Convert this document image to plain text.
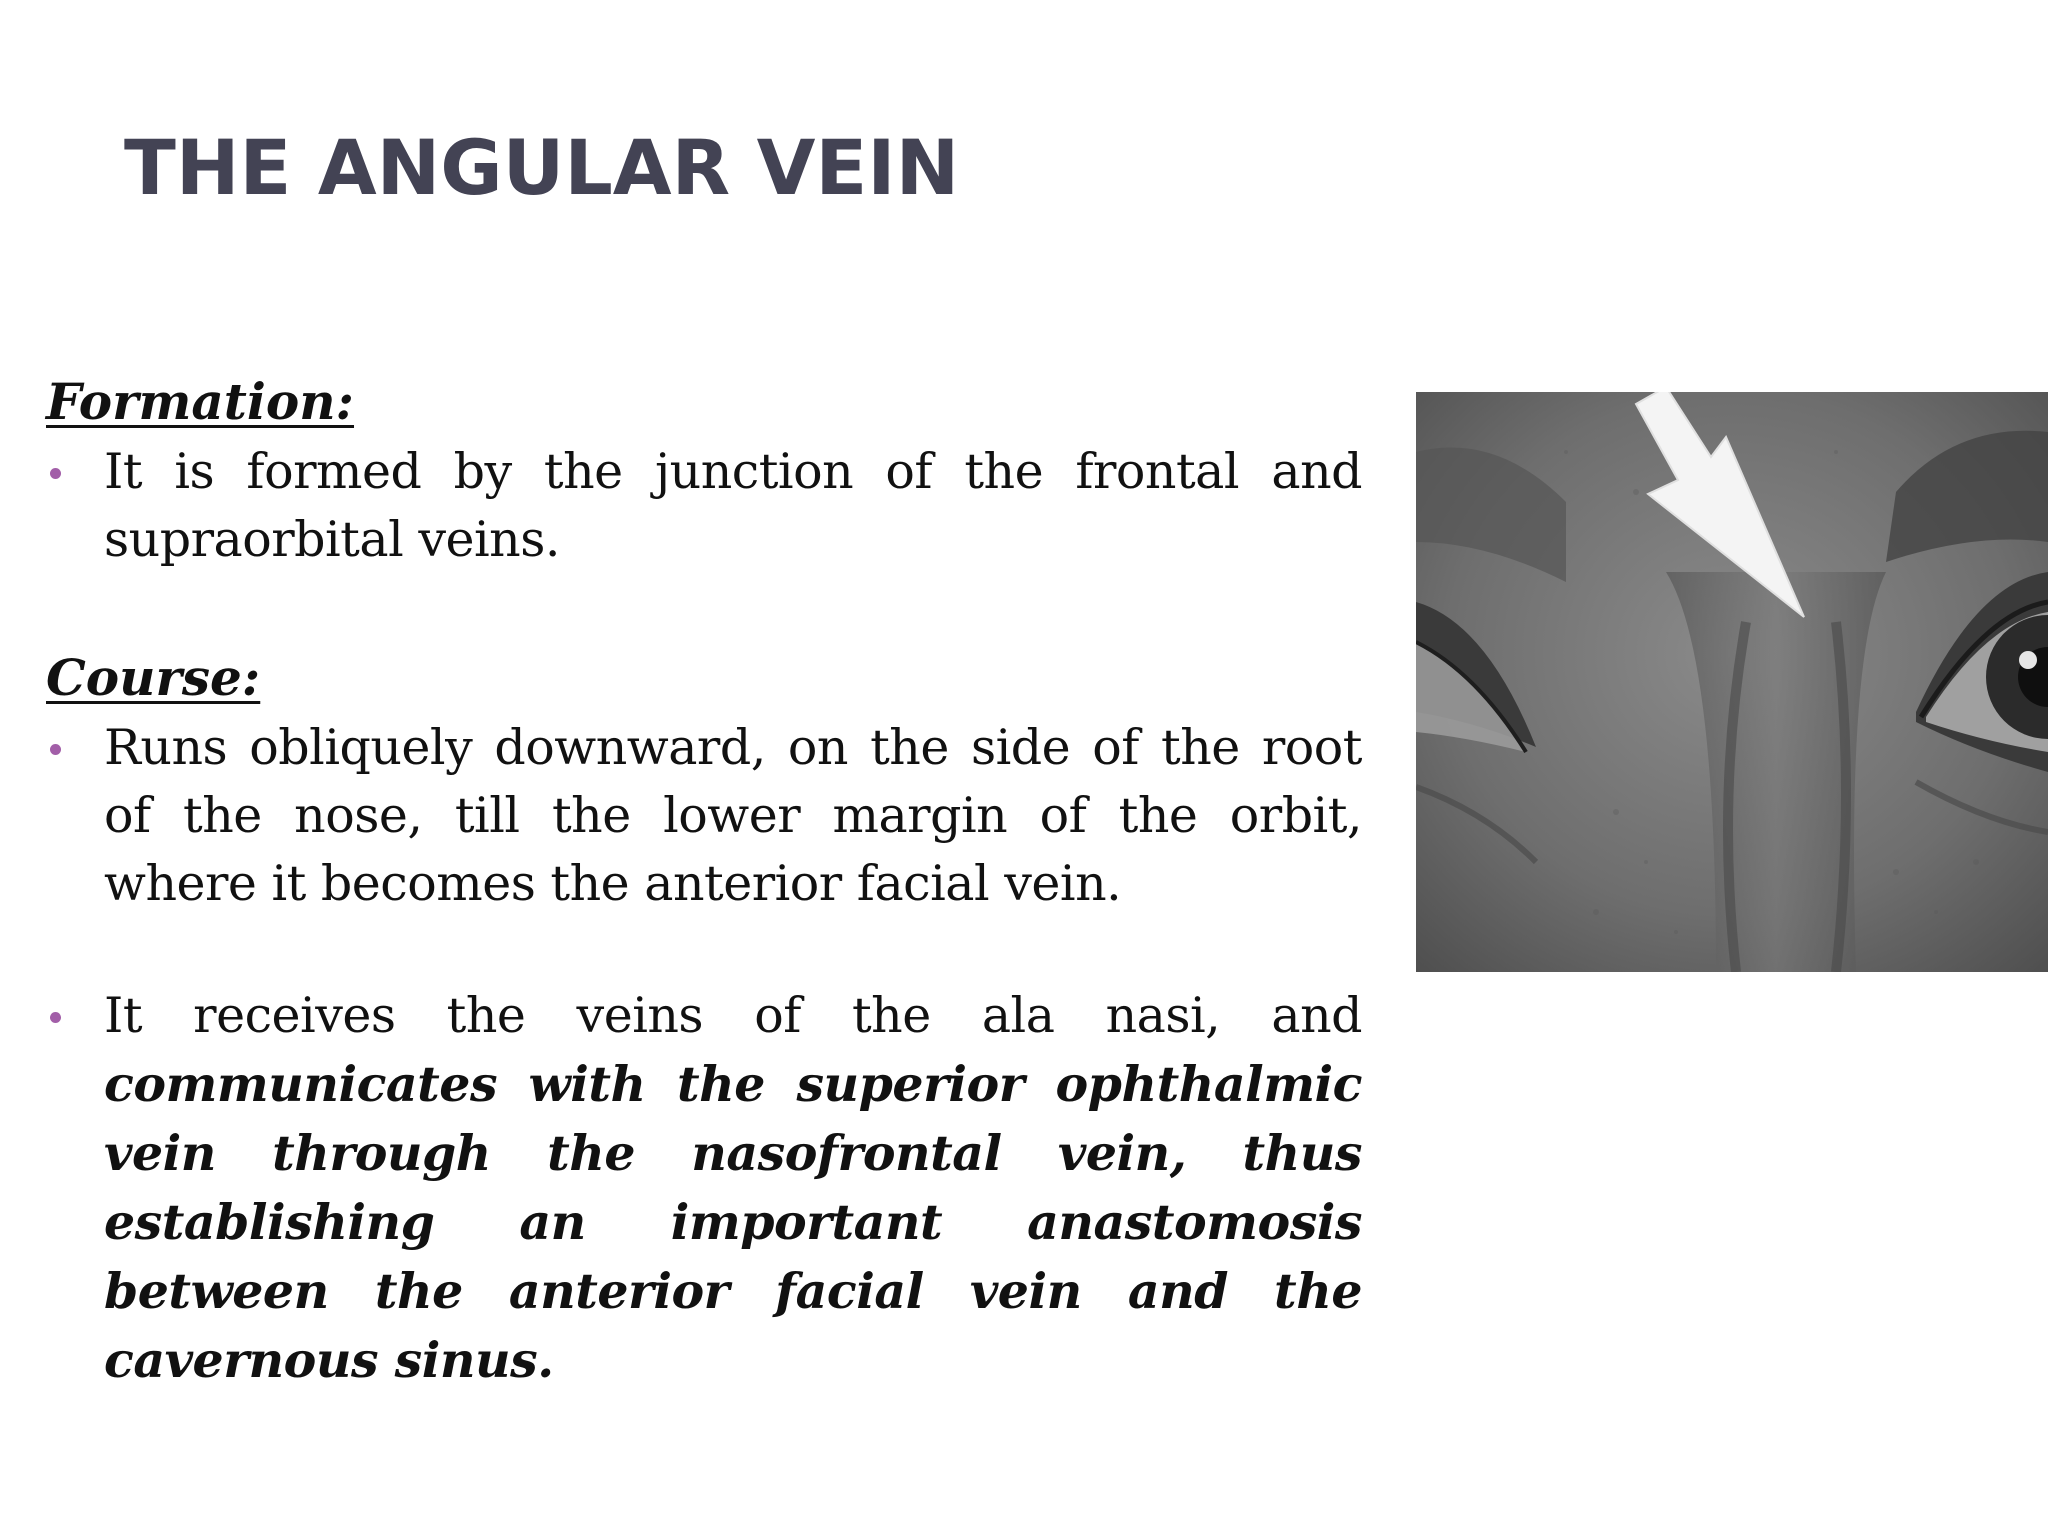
THE ANGULAR VEIN

Formation:

It is formed by the junction of the frontal and supraorbital veins.

Course:

Runs obliquely downward, on the side of the root of the nose, till the lower margin of the orbit, where it becomes the anterior facial vein.

It receives the veins of the ala nasi, and communicates with the superior ophthalmic vein through the nasofrontal vein, thus establishing an important anastomosis between the anterior facial vein and the cavernous sinus.
